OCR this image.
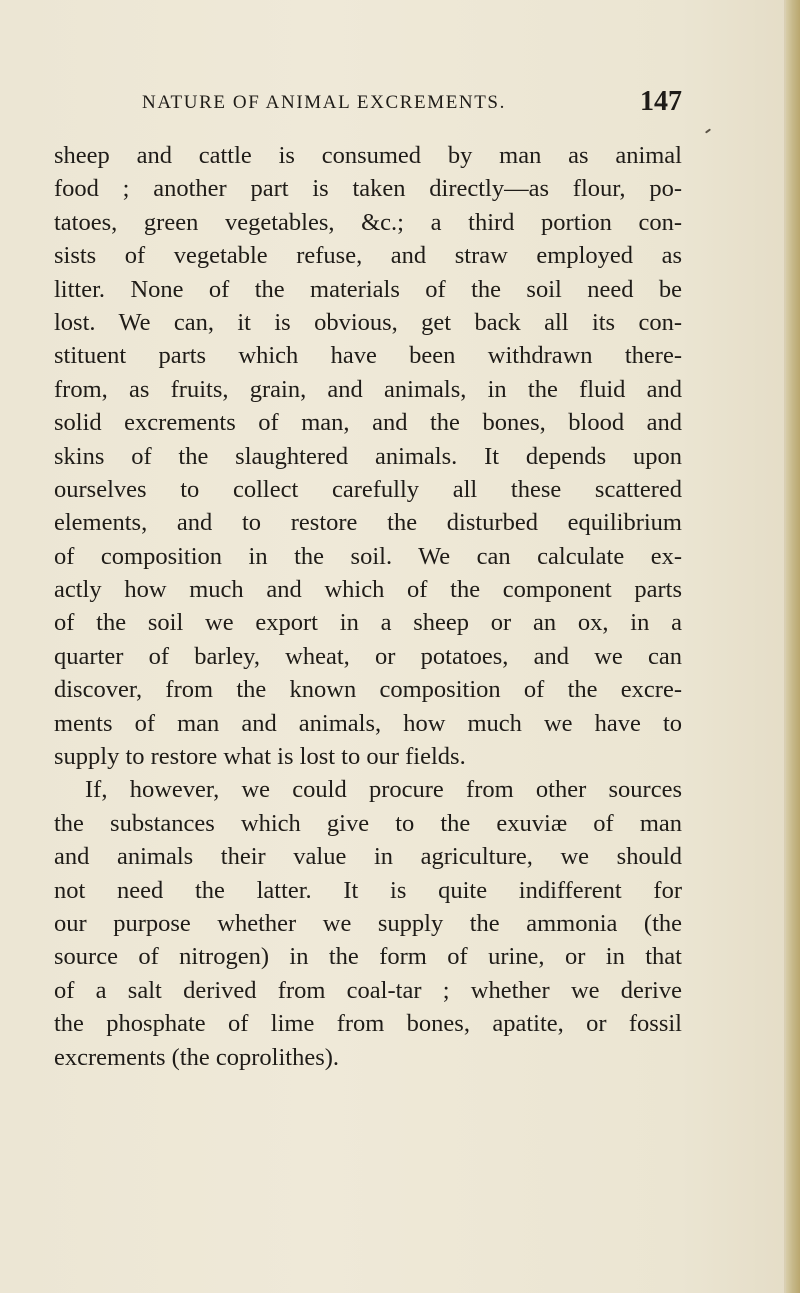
NATURE OF ANIMAL EXCREMENTS.	147
sheep and cattle is consumed by man as animal
food ; another part is taken directly—as flour, po-
tatoes, green vegetables, &c.; a third portion con-
sists of vegetable refuse, and straw employed as
litter. None of the materials of the soil need be
lost. We can, it is obvious, get back all its con-
stituent parts which have been withdrawn there-
from, as fruits, grain, and animals, in the fluid and
solid excrements of man, and the bones, blood and
skins of the slaughtered animals. It depends upon
ourselves to collect carefully all these scattered
elements, and to restore the disturbed equilibrium
of composition in the soil. We can calculate ex-
actly how much and which of the component parts
of the soil we export in a sheep or an ox, in a
quarter of barley, wheat, or potatoes, and we can
discover, from the known composition of the excre-
ments of man and animals, how much we have to
supply to restore what is lost to our fields.
If, however, we could procure from other sources
the substances which give to the exuviæ of man
and animals their value in agriculture, we should
not need the latter. It is quite indifferent for
our purpose whether we supply the ammonia (the
source of nitrogen) in the form of urine, or in that
of a salt derived from coal-tar ; whether we derive
the phosphate of lime from bones, apatite, or fossil
excrements (the coprolithes).
